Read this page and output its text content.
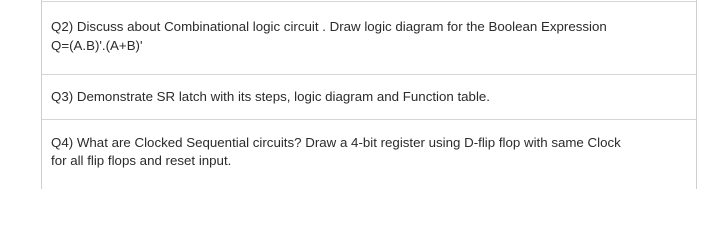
Q2) Discuss about Combinational logic circuit . Draw logic diagram for the Boolean Expression

Q=(A.B)'.(A+B)'

Q3) Demonstrate SR latch with its steps, logic diagram and Function table.

Q4) What are Clocked Sequential circuits? Draw a 4-bit register using D-flip flop with same Clock

for all flip flops and reset input.
